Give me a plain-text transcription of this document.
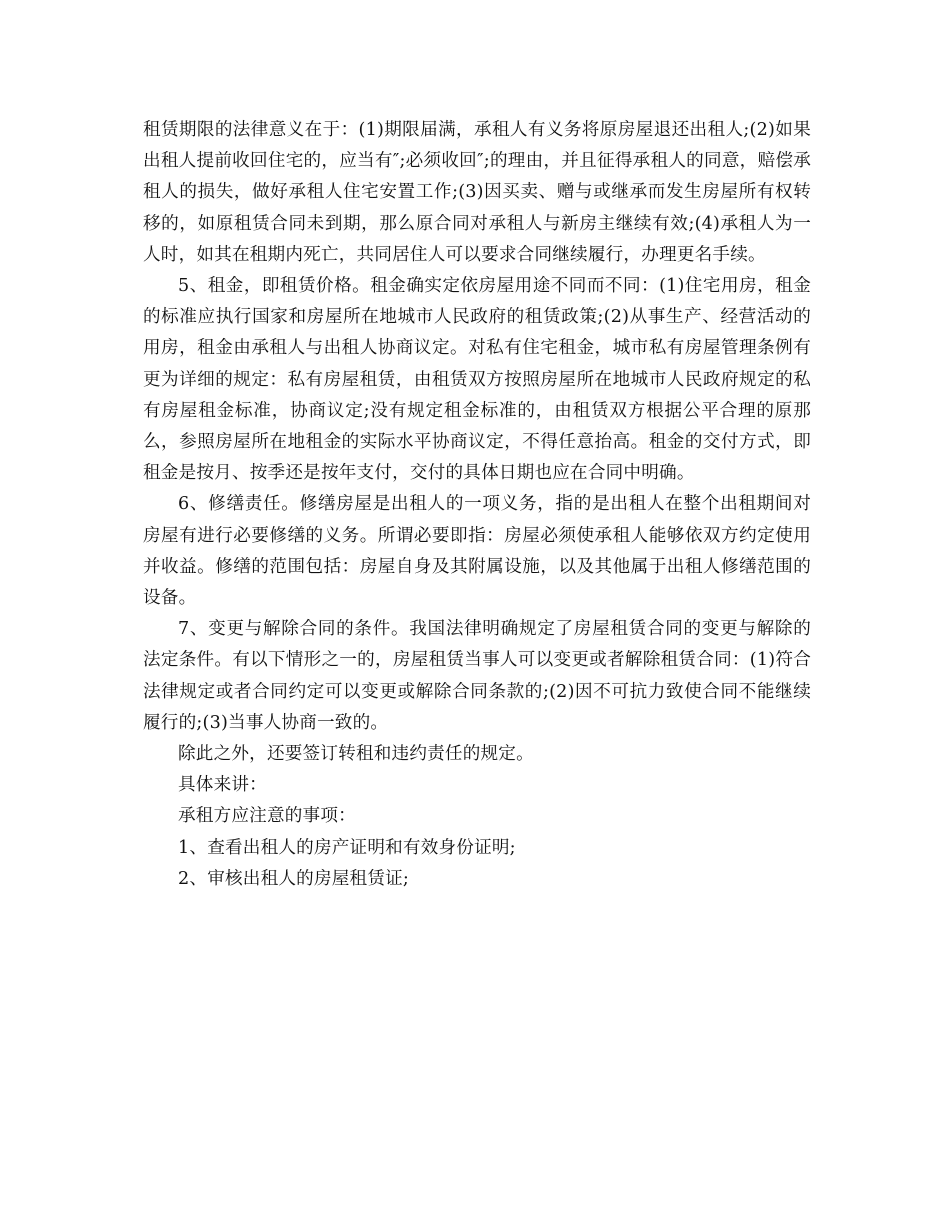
租赁期限的法律意义在于：(1)期限届满，承租人有义务将原房屋退还出租人;(2)如果出租人提前收回住宅的，应当有″;必须收回″;的理由，并且征得承租人的同意，赔偿承租人的损失，做好承租人住宅安置工作;(3)因买卖、赠与或继承而发生房屋所有权转移的，如原租赁合同未到期，那么原合同对承租人与新房主继续有效;(4)承租人为一人时，如其在租期内死亡，共同居住人可以要求合同继续履行，办理更名手续。

5、租金，即租赁价格。租金确实定依房屋用途不同而不同：(1)住宅用房，租金的标准应执行国家和房屋所在地城市人民政府的租赁政策;(2)从事生产、经营活动的用房，租金由承租人与出租人协商议定。对私有住宅租金，城市私有房屋管理条例有更为详细的规定：私有房屋租赁，由租赁双方按照房屋所在地城市人民政府规定的私有房屋租金标准，协商议定;没有规定租金标准的，由租赁双方根据公平合理的原那么，参照房屋所在地租金的实际水平协商议定，不得任意抬高。租金的交付方式，即租金是按月、按季还是按年支付，交付的具体日期也应在合同中明确。

6、修缮责任。修缮房屋是出租人的一项义务，指的是出租人在整个出租期间对房屋有进行必要修缮的义务。所谓必要即指：房屋必须使承租人能够依双方约定使用并收益。修缮的范围包括：房屋自身及其附属设施，以及其他属于出租人修缮范围的设备。

7、变更与解除合同的条件。我国法律明确规定了房屋租赁合同的变更与解除的法定条件。有以下情形之一的，房屋租赁当事人可以变更或者解除租赁合同：(1)符合法律规定或者合同约定可以变更或解除合同条款的;(2)因不可抗力致使合同不能继续履行的;(3)当事人协商一致的。

除此之外，还要签订转租和违约责任的规定。

具体来讲：

承租方应注意的事项：

1、查看出租人的房产证明和有效身份证明;

2、审核出租人的房屋租赁证;
